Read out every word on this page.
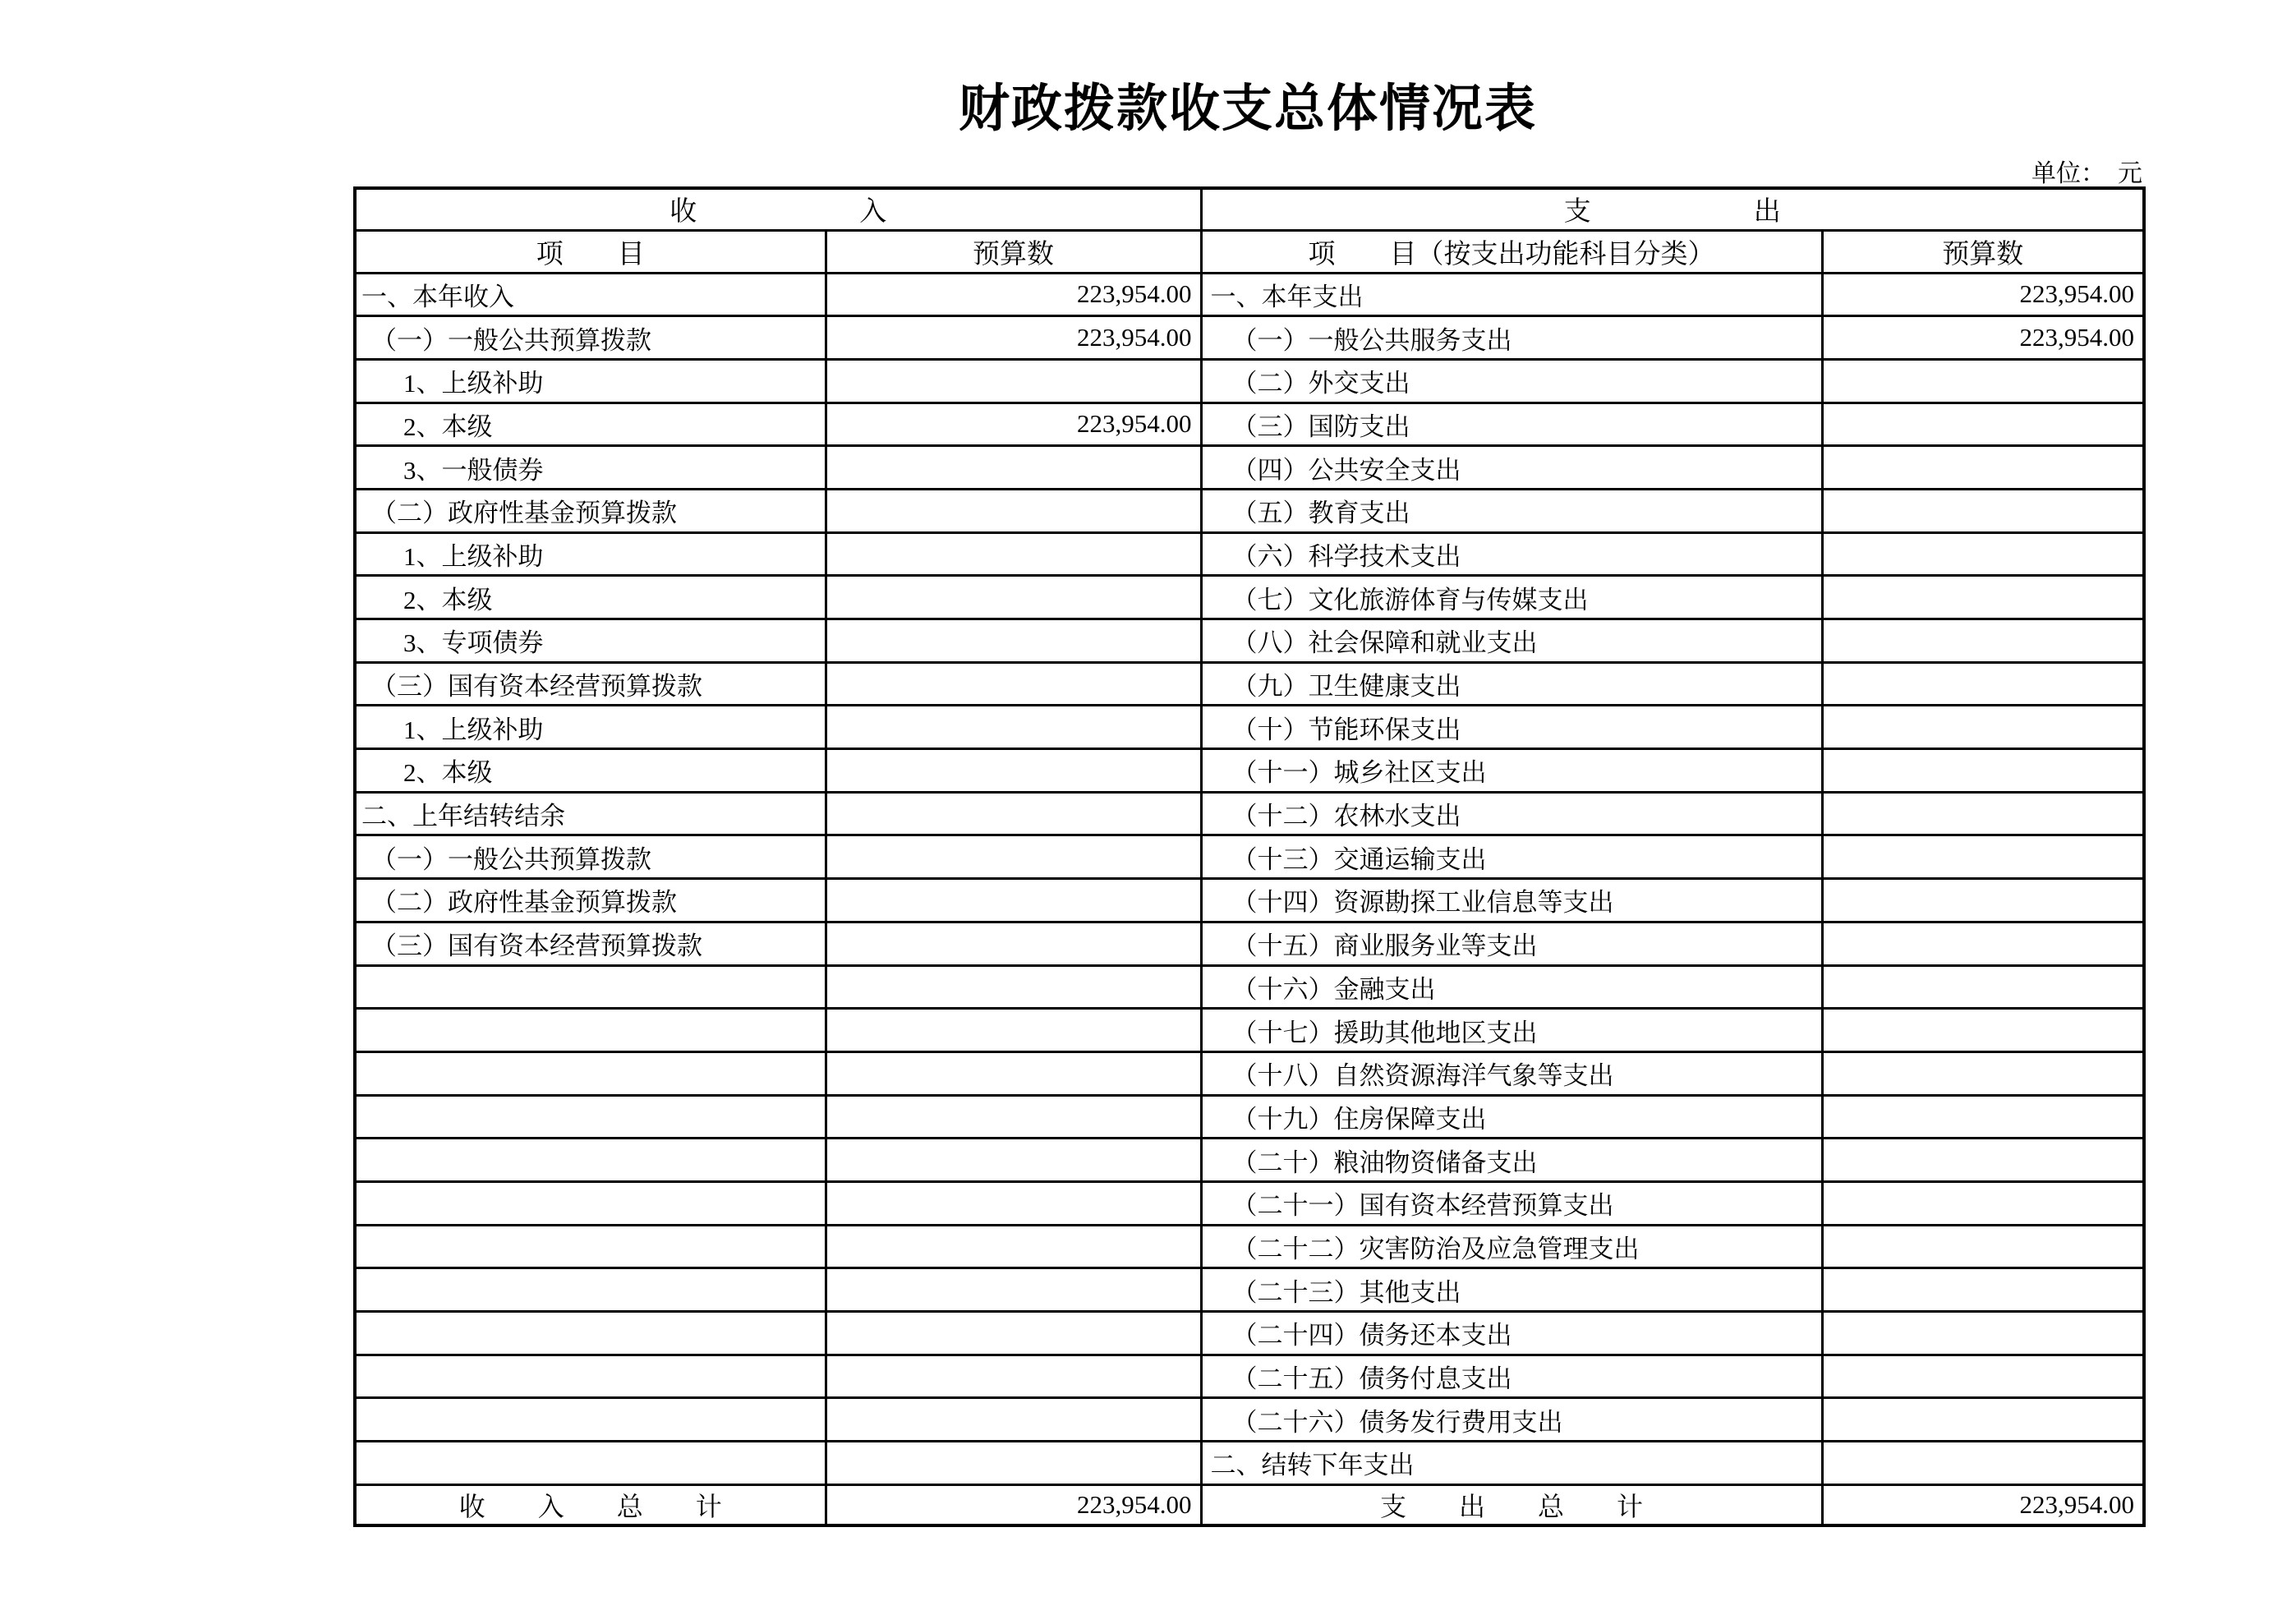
财政拨款收支总体情况表
单位：　元
收　　　　　　入		支　　　　　　出	
项　　目	预算数	项　　目（按支出功能科目分类）	预算数
一、本年收入	223,954.00	一、本年支出	223,954.00
（一）一般公共预算拨款	223,954.00	（一）一般公共服务支出	223,954.00
1、上级补助		（二）外交支出	
2、本级	223,954.00	（三）国防支出	
3、一般债券		（四）公共安全支出	
（二）政府性基金预算拨款		（五）教育支出	
1、上级补助		（六）科学技术支出	
2、本级		（七）文化旅游体育与传媒支出	
3、专项债券		（八）社会保障和就业支出	
（三）国有资本经营预算拨款		（九）卫生健康支出	
1、上级补助		（十）节能环保支出	
2、本级		（十一）城乡社区支出	
二、上年结转结余		（十二）农林水支出	
（一）一般公共预算拨款		（十三）交通运输支出	
（二）政府性基金预算拨款		（十四）资源勘探工业信息等支出	
（三）国有资本经营预算拨款		（十五）商业服务业等支出	
		（十六）金融支出	
		（十七）援助其他地区支出	
		（十八）自然资源海洋气象等支出	
		（十九）住房保障支出	
		（二十）粮油物资储备支出	
		（二十一）国有资本经营预算支出	
		（二十二）灾害防治及应急管理支出	
		（二十三）其他支出	
		（二十四）债务还本支出	
		（二十五）债务付息支出	
		（二十六）债务发行费用支出	
		二、结转下年支出	
收　　入　　总　　计	223,954.00	支　　出　　总　　计	223,954.00
